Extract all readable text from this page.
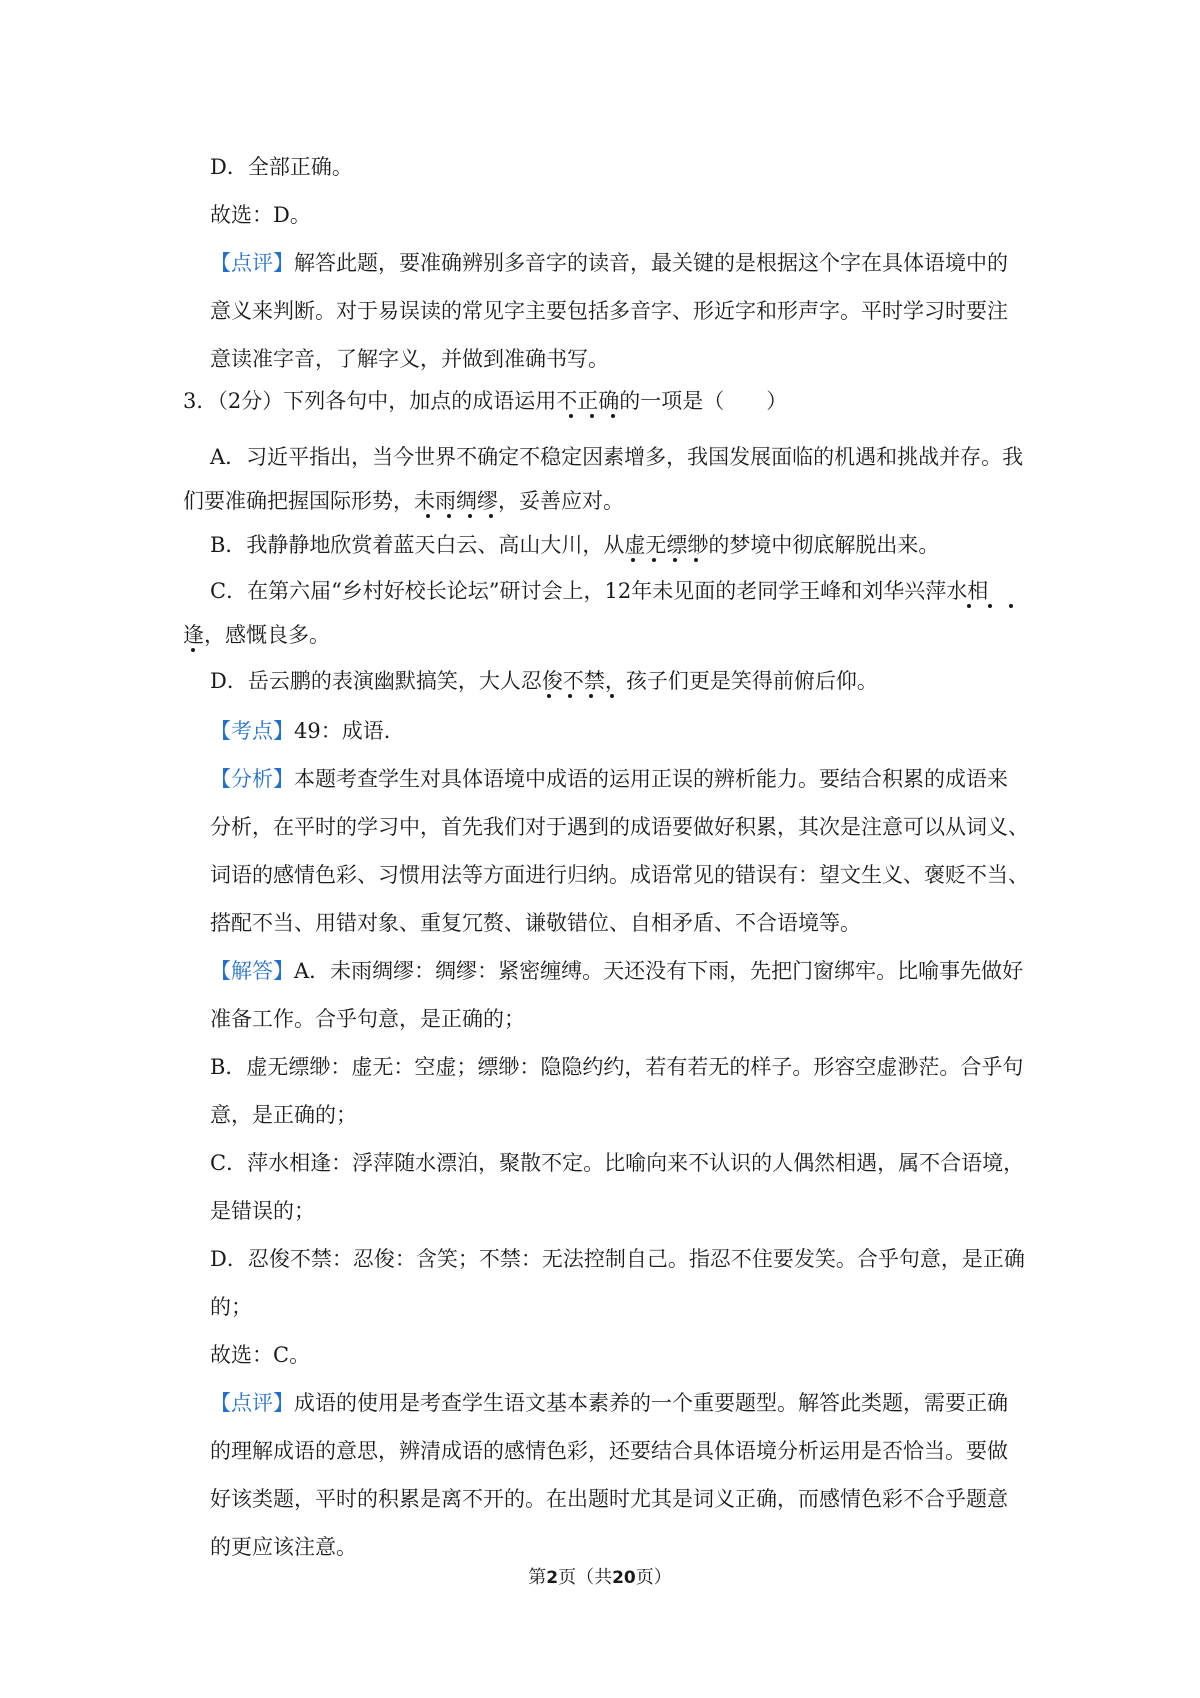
D．全部正确。
故选：D。
【点评】解答此题，要准确辨别多音字的读音，最关键的是根据这个字在具体语境中的
意义来判断。对于易误读的常见字主要包括多音字、形近字和形声字。平时学习时要注
意读准字音，了解字义，并做到准确书写。
3．（2分）下列各句中，加点的成语运用不正确的一项是（　　）
A．习近平指出，当今世界不确定不稳定因素增多，我国发展面临的机遇和挑战并存。我
们要准确把握国际形势，未雨绸缪，妥善应对。
B．我静静地欣赏着蓝天白云、高山大川，从虚无缥缈的梦境中彻底解脱出来。
C．在第六届“乡村好校长论坛”研讨会上，12年未见面的老同学王峰和刘华兴萍水相
逢，感慨良多。
D．岳云鹏的表演幽默搞笑，大人忍俊不禁，孩子们更是笑得前俯后仰。
【考点】49：成语．
【分析】本题考查学生对具体语境中成语的运用正误的辨析能力。要结合积累的成语来
分析，在平时的学习中，首先我们对于遇到的成语要做好积累，其次是注意可以从词义、
词语的感情色彩、习惯用法等方面进行归纳。成语常见的错误有：望文生义、褒贬不当、
搭配不当、用错对象、重复冗赘、谦敬错位、自相矛盾、不合语境等。
【解答】A．未雨绸缪：绸缪：紧密缠缚。天还没有下雨，先把门窗绑牢。比喻事先做好
准备工作。合乎句意，是正确的；
B．虚无缥缈：虚无：空虚；缥缈：隐隐约约，若有若无的样子。形容空虚渺茫。合乎句
意，是正确的；
C．萍水相逢：浮萍随水漂泊，聚散不定。比喻向来不认识的人偶然相遇，属不合语境，
是错误的；
D．忍俊不禁：忍俊：含笑；不禁：无法控制自己。指忍不住要发笑。合乎句意，是正确
的；
故选：C。
【点评】成语的使用是考查学生语文基本素养的一个重要题型。解答此类题，需要正确
的理解成语的意思，辨清成语的感情色彩，还要结合具体语境分析运用是否恰当。要做
好该类题，平时的积累是离不开的。在出题时尤其是词义正确，而感情色彩不合乎题意
的更应该注意。
第2页（共20页）
